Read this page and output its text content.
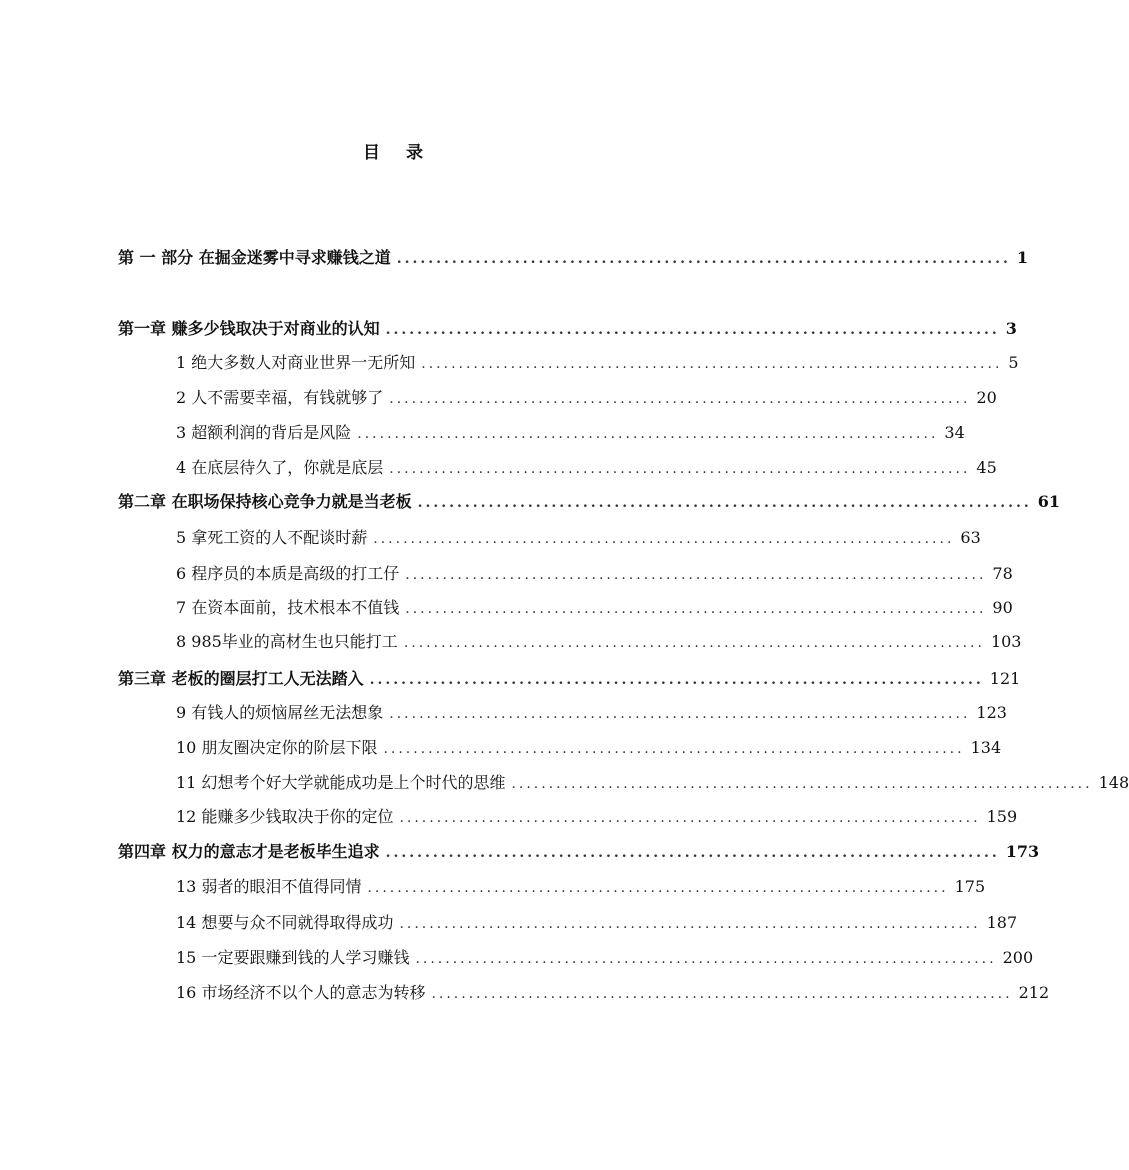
目 录
第 一 部分 在掘金迷雾中寻求赚钱之道 .............................................................................. 1
第一章 赚多少钱取决于对商业的认知 .............................................................................. 3
1 绝大多数人对商业世界一无所知 .............................................................................. 5
2 人不需要幸福，有钱就够了 .............................................................................. 20
3 超额利润的背后是风险 .............................................................................. 34
4 在底层待久了，你就是底层 .............................................................................. 45
第二章 在职场保持核心竞争力就是当老板 .............................................................................. 61
5 拿死工资的人不配谈时薪 .............................................................................. 63
6 程序员的本质是高级的打工仔 .............................................................................. 78
7 在资本面前，技术根本不值钱 .............................................................................. 90
8 985毕业的高材生也只能打工 .............................................................................. 103
第三章 老板的圈层打工人无法踏入 .............................................................................. 121
9 有钱人的烦恼屌丝无法想象 .............................................................................. 123
10 朋友圈决定你的阶层下限 .............................................................................. 134
11 幻想考个好大学就能成功是上个时代的思维 .............................................................................. 148
12 能赚多少钱取决于你的定位 .............................................................................. 159
第四章 权力的意志才是老板毕生追求 .............................................................................. 173
13 弱者的眼泪不值得同情 .............................................................................. 175
14 想要与众不同就得取得成功 .............................................................................. 187
15 一定要跟赚到钱的人学习赚钱 .............................................................................. 200
16 市场经济不以个人的意志为转移 .............................................................................. 212
